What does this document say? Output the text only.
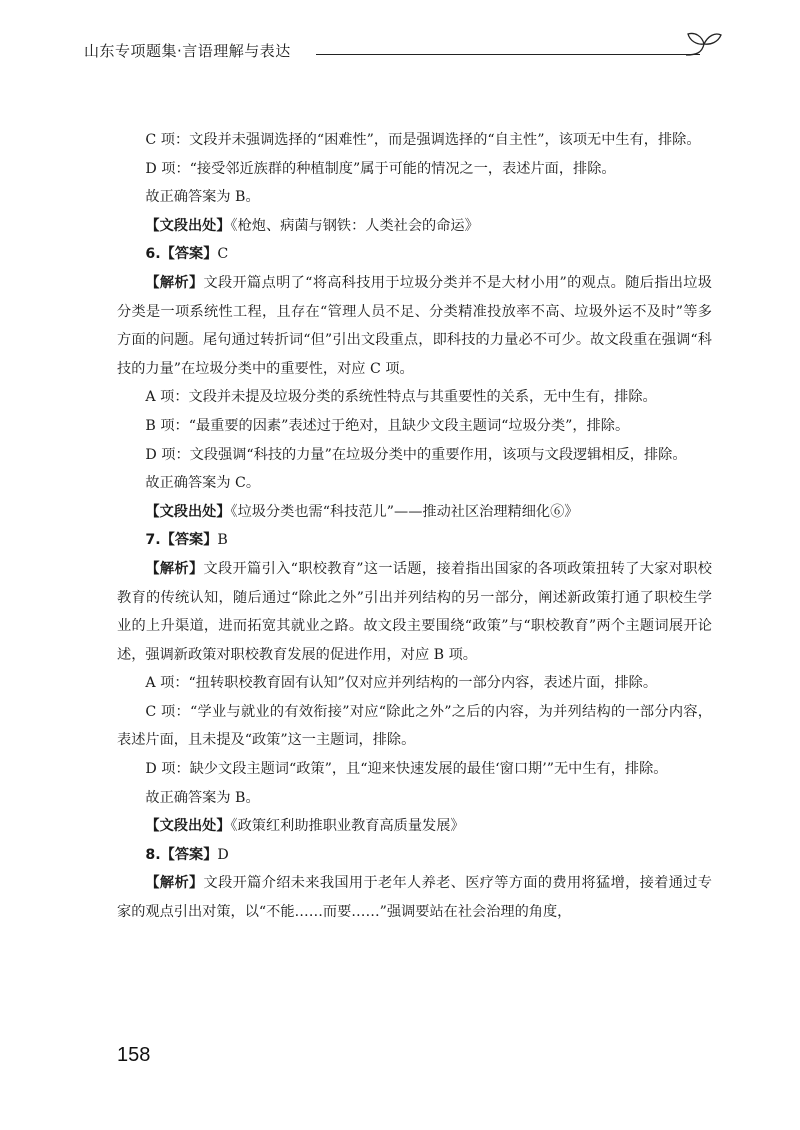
山东专项题集·言语理解与表达

C 项：文段并未强调选择的“困难性”，而是强调选择的“自主性”，该项无中生有，排除。

D 项：“接受邻近族群的种植制度”属于可能的情况之一，表述片面，排除。

故正确答案为 B。

【文段出处】《枪炮、病菌与钢铁：人类社会的命运》

6.【答案】C

【解析】文段开篇点明了“将高科技用于垃圾分类并不是大材小用”的观点。随后指出垃圾分类是一项系统性工程，且存在“管理人员不足、分类精准投放率不高、垃圾外运不及时”等多方面的问题。尾句通过转折词“但”引出文段重点，即科技的力量必不可少。故文段重在强调“科技的力量”在垃圾分类中的重要性，对应 C 项。

A 项：文段并未提及垃圾分类的系统性特点与其重要性的关系，无中生有，排除。

B 项：“最重要的因素”表述过于绝对，且缺少文段主题词“垃圾分类”，排除。

D 项：文段强调“科技的力量”在垃圾分类中的重要作用，该项与文段逻辑相反，排除。

故正确答案为 C。

【文段出处】《垃圾分类也需“科技范儿”——推动社区治理精细化⑥》

7.【答案】B

【解析】文段开篇引入“职校教育”这一话题，接着指出国家的各项政策扭转了大家对职校教育的传统认知，随后通过“除此之外”引出并列结构的另一部分，阐述新政策打通了职校生学业的上升渠道，进而拓宽其就业之路。故文段主要围绕“政策”与“职校教育”两个主题词展开论述，强调新政策对职校教育发展的促进作用，对应 B 项。

A 项：“扭转职校教育固有认知”仅对应并列结构的一部分内容，表述片面，排除。

C 项：“学业与就业的有效衔接”对应“除此之外”之后的内容，为并列结构的一部分内容，表述片面，且未提及“政策”这一主题词，排除。

D 项：缺少文段主题词“政策”，且“迎来快速发展的最佳‘窗口期’”无中生有，排除。

故正确答案为 B。

【文段出处】《政策红利助推职业教育高质量发展》

8.【答案】D

【解析】文段开篇介绍未来我国用于老年人养老、医疗等方面的费用将猛增，接着通过专家的观点引出对策，以“不能……而要……”强调要站在社会治理的角度，

158
